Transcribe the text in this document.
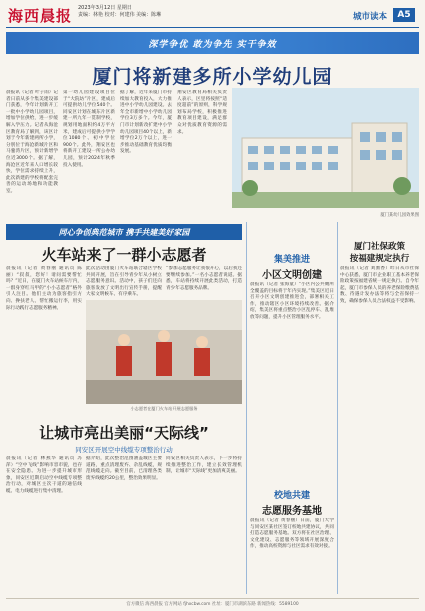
海西晨报 2023年3月12日 星期日
责编：林艳 校对：何建伟 美编：陈琳	城市读本	A5
深学争优 敢为争先 实干争效
厦门将新建多所小学幼儿园
晨报讯（记者 叶子雨）记者日前从多个集美建设部门获悉，今年计划新开工一批中小学幼儿园项目，增加学位供给，进一步缓解入学压力。记者从海沧区教育局了解到，该区计划于今年新建两所小学，分别位于海沧新城片区和马銮湾片区，预计新增学位近3000个。据了解，海沧区近年来人口增长较快，学位需求持续上升，此次新建的学校将配套完善的运动场地和功能教室。
第一幼儿园建设项目位于“大院坊”片区，建成后可提供幼儿学位540个。同安区计划在城东片区新建一所九年一贯制学校，规划用地面积约4万平方米，建成后可提供小学学位1080个、初中学位900个。此外，翔安区也将新开工建设一所公办幼儿园，预计2024年秋季投入使用。
据了解，近年来厦门市持续加大教育投入，大力推进中小学幼儿园建设。去年全市新增中小学幼儿园学位3万多个。今年，厦门市计划新改扩建中小学幼儿园项目40个以上，新增学位2万个以上，进一步推动基础教育优质均衡发展。
翔安区教育局相关负责人表示，区里将按照“适度超前”的原则，科学规划布局学校，积极推进教育项目建设，满足群众对优质教育资源的需求。
厦门某幼儿园效果图
同心争创典范城市 携手共建美好家园
火车站来了一群小志愿者
晨报讯（记者 黄春丽 通讯员 陈丽）“叔叔，您好！请问需要帮忙吗？”近日，在厦门火车站候车厅内，一群身穿红马甲的“小小志愿者”格外引人注目。他们主动为旅客指引方向、搀扶老人、帮忙搬运行李，用实际行动践行志愿服务精神。
此次活动由厦门火车站联合辖区学校共同开展，旨在引导青少年从小树立志愿服务意识。活动中，孩子们还向旅客发放了文明出行宣传手册，提醒大家文明候车、有序乘车。
“参加志愿服务让我很开心，以后我还要继续参加。”一名小志愿者说道。据悉，车站将持续开展此类活动，打造青少年志愿服务品牌。
小志愿者在厦门火车站开展志愿服务
让城市亮出美丽“天际线”
同安区开展空中线缆专项整治行动
晨报讯（记者 林燕华 通讯员 苏萍）“空中飞线”影响市容市貌，也存在安全隐患。为进一步提升城市形象，同安区近期启动空中线缆专项整治行动，对城区主次干道的通信线缆、电力线缆进行集中清理。
据介绍，此次整治范围涵盖城区主要道路，重点清理废弃、杂乱线缆，规范线缆走向。截至目前，已清理各类废弃线缆约20公里，整治效果明显。
同安区相关负责人表示，下一步将持续推进整治工作，建立长效管理机制，让城市“天际线”更加清爽美丽。
集美推进
小区文明创建
晨报讯（记者 张海童）“小区内公共厕所全覆盖的目标将于年内实现。”集美区近日召开小区文明创建推进会，部署相关工作，推动辖区小区环境持续改善。据介绍，集美区将重点整治小区乱停车、乱堆放等问题，提升小区管理服务水平。
校地共建
志愿服务基地
晨报讯（记者 黄春丽）日前，厦门大学与同安区某社区签订校地共建协议，共同打造志愿服务基地。双方将在社区治理、文化建设、志愿服务等领域开展深度合作，推动高校资源与社区需求有效对接。
厦门社保政策
按福建规定执行
晨报讯（记者 刘薰香）昨日从市社保中心获悉，厦门市企业职工基本养老保险政策按福建省统一规定执行。自今年起，厦门市参保人员的养老保险缴费基数、待遇计发办法等将与全省保持一致，确保参保人员合法权益不受影响。
官方微信 海西晨报 官方网站 fjhxcbw.com 社址：厦门市湖滨东路 新闻热线：5589100
